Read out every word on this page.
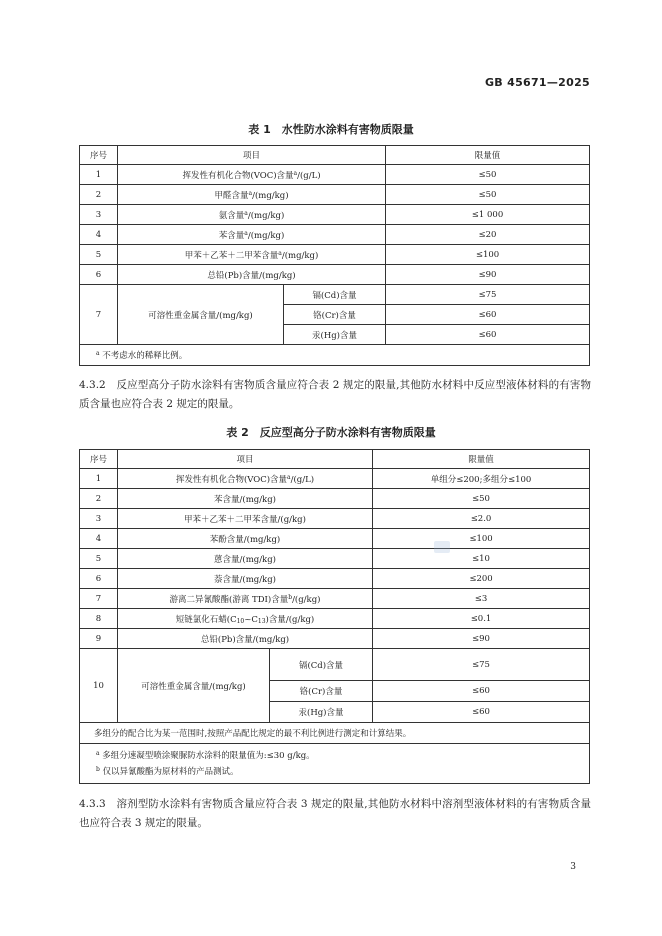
GB 45671—2025
表 1　水性防水涂料有害物质限量
序号	项目		限量值
1	挥发性有机化合物(VOC)含量$^a$/(g/L)		≤50
2	甲醛含量$^a$/(mg/kg)		≤50
3	氨含量$^a$/(mg/kg)		≤1 000
4	苯含量$^a$/(mg/kg)		≤20
5	甲苯＋乙苯＋二甲苯含量$^a$/(mg/kg)		≤100
6	总铅(Pb)含量/(mg/kg)		≤90
7	可溶性重金属含量/(mg/kg)	镉(Cd)含量	≤75
		铬(Cr)含量	≤60
		汞(Hg)含量	≤60
$^a$ 不考虑水的稀释比例。			
4.3.2　反应型高分子防水涂料有害物质含量应符合表 2 规定的限量,其他防水材料中反应型液体材料的有害物质含量也应符合表 2 规定的限量。
表 2　反应型高分子防水涂料有害物质限量
序号	项目		限量值
1	挥发性有机化合物(VOC)含量$^a$/(g/L)		单组分≤200;多组分≤100
2	苯含量/(mg/kg)		≤50
3	甲苯＋乙苯＋二甲苯含量/(g/kg)		≤2.0
4	苯酚含量/(mg/kg)		≤100
5	蒽含量/(mg/kg)		≤10
6	萘含量/(mg/kg)		≤200
7	游离二异氰酸酯(游离 TDI)含量$^b$/(g/kg)		≤3
8	短链氯化石蜡$(C_{10}\sim C_{13})$含量/(g/kg)		≤0.1
9	总铅(Pb)含量/(mg/kg)		≤90
10	可溶性重金属含量/(mg/kg)	镉(Cd)含量	≤75
		铬(Cr)含量	≤60
		汞(Hg)含量	≤60
多组分的配合比为某一范围时,按照产品配比规定的最不利比例进行测定和计算结果。			

$^a$ 多组分速凝型喷涂聚脲防水涂料的限量值为:≤30 g/kg。
$^b$ 仅以异氰酸酯为原材料的产品测试。			
4.3.3　溶剂型防水涂料有害物质含量应符合表 3 规定的限量,其他防水材料中溶剂型液体材料的有害物质含量也应符合表 3 规定的限量。
3
